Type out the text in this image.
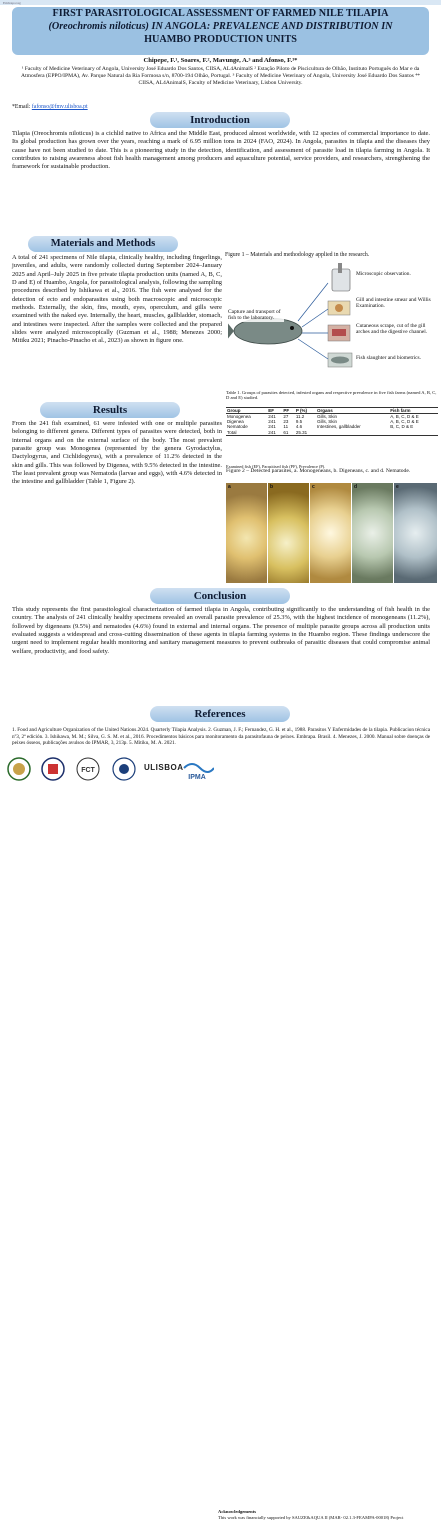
Embrapa tag
FIRST PARASITOLOGICAL ASSESSMENT OF FARMED NILE TILAPIA
(Oreochromis niloticus) IN ANGOLA: PREVALENCE AND DISTRIBUTION IN
HUAMBO PRODUCTION UNITS
Chipepe, F.¹, Soares, F.², Mavunge, A.³ and Afonso, F.³*
¹ Faculty of Medicine Veterinary of Angola, University José Eduardo Dos Santos, CIISA, AL4AnimalS ² Estação Piloto de Piscicultura de Olhão, Instituto Português do Mar e da Atmosfera (EPPO/IPMA), Av. Parque Natural da Ria Formosa s/n, 8700-194 Olhão, Portugal. ³ Faculty of Medicine Veterinary of Angola, University José Eduardo Dos Santos ⁴* CIISA, AL4AnimalS, Faculty of Medicine Veterinary, Lisbon University.
*Email: fafonso@fmv.ulisboa.pt
Introduction
Tilapia (Oreochromis niloticus) is a cichlid native to Africa and the Middle East, produced almost worldwide, with 12 species of commercial importance to date. Its global production has grown over the years, reaching a mark of 6.95 million tons in 2024 (FAO, 2024). In Angola, parasites in tilapia and the diseases they cause have not been studied to date. This is a pioneering study in the detection, identification, and assessment of parasite load in tilapia farming in Angola. It contributes to raising awareness about fish health management among producers and aquaculture potential, service providers, and researchers, strengthening the framework for sustainable production.
Materials and Methods
A total of 241 specimens of Nile tilapia, clinically healthy, including fingerlings, juveniles, and adults, were randomly collected during September 2024–January 2025 and April–July 2025 in five private tilapia production units (named A, B, C, D and E) of Huambo, Angola, for parasitological analysis, following the sampling procedures described by Ishikawa et al., 2016. The fish were analysed for the detection of ecto and endoparasites using both macroscopic and microscopic methods. Externally, the skin, fins, mouth, eyes, operculum, and gills were examined with the naked eye. Internally, the heart, muscles, gallbladder, stomach, and intestines were inspected. After the samples were collected and the prepared slides were analyzed microscopically (Guzman et al., 1988; Menezes 2000; Mitiku 2021; Pinacho-Pinacho et al., 2023) as shown in figure one.
Figure 1 – Materials and methodology applied in the research.
Capture and transport of fish to the laboratory.
Microscopic observation.
Gill and intestine smear and Willis Examination.
Cutaneous scrape, cut of the gill arches and the digestive channel.
Fish slaughter and biometrics.
Table 1. Groups of parasites detected, infested organs and respective prevalence in five fish farms (named A, B, C, D and E) studied.
Group	EF	PF	P (%)	Organs	Fish farm
Monogenea	241	27	11.2	Gills, Skin	A, B, C, D & E
Digenea	241	23	9.5	Gills, Skin	A, B, C, D & E
Nematode	241	11	4.6	Intestines, gallbladder	B, C, D & E
Total	241	61	25.31		
Examined fish (EF), Parasitised fish (PF), Prevalence (P).
Results
From the 241 fish examined, 61 were infested with one or multiple parasites belonging to different genera. Different types of parasites were detected, both in internal organs and on the external surface of the body. The most prevalent parasite group was Monogenea (represented by the genera Gyrodactylus, Dactylogyrus, and Cichlidogyrus), with a prevalence of 11.2% detected in the skin and gills. This was followed by Digenea, with 9.5% detected in the intestine. The least prevalent group was Nematoda (larvae and eggs), with 4.6% detected in the intestine and gallbladder (Table 1, Figure 2).
Figure 2 – Detected parasites, a. Monogeneans, b. Digeneans, c. and d. Nematode.
a	b	c	d	e
Conclusion
This study represents the first parasitological characterization of farmed tilapia in Angola, contributing significantly to the understanding of fish health in the country. The analysis of 241 clinically healthy specimens revealed an overall parasite prevalence of 25.3%, with the highest incidence of monogeneans (11.2%), followed by digeneans (9.5%) and nematodes (4.6%) found in external and internal organs. The presence of multiple parasite groups across all production units evaluated suggests a widespread and cross-cutting dissemination of these agents in tilapia farming systems in the Huambo region. These findings underscore the urgent need to implement regular health monitoring and sanitary management measures to prevent outbreaks of parasitic diseases that could compromise animal welfare, productivity, and food safety.
References
1. Food and Agriculture Organization of the United Nations.2024. Quarterly Tilapia Analysis. 2. Guzman, J. F.; Fernandez, G. H. et al., 1988. Parasitos Y Enfermidades de la tilapia. Publicacion técnica nº3, 2ª edición. 3. Ishikawa, M. M.; Silva, G. S. M. et al., 2016. Procedimentos básicos para monitoramento da parasitofauna de peixes. Embrapa. Brasil. 4. Menezes, J. 2000. Manual sobre doenças de peixes ósseos, publicações avulsos do IPMAR, 3, 213p. 5. Mitiku, M. A. 2021.
FCT	ULISBOA
IPMA
Acknowledgements
This work was financially supported by SAUZE&AQUA II (MAR- 02.1.3-FEAMPA-00018) Project
